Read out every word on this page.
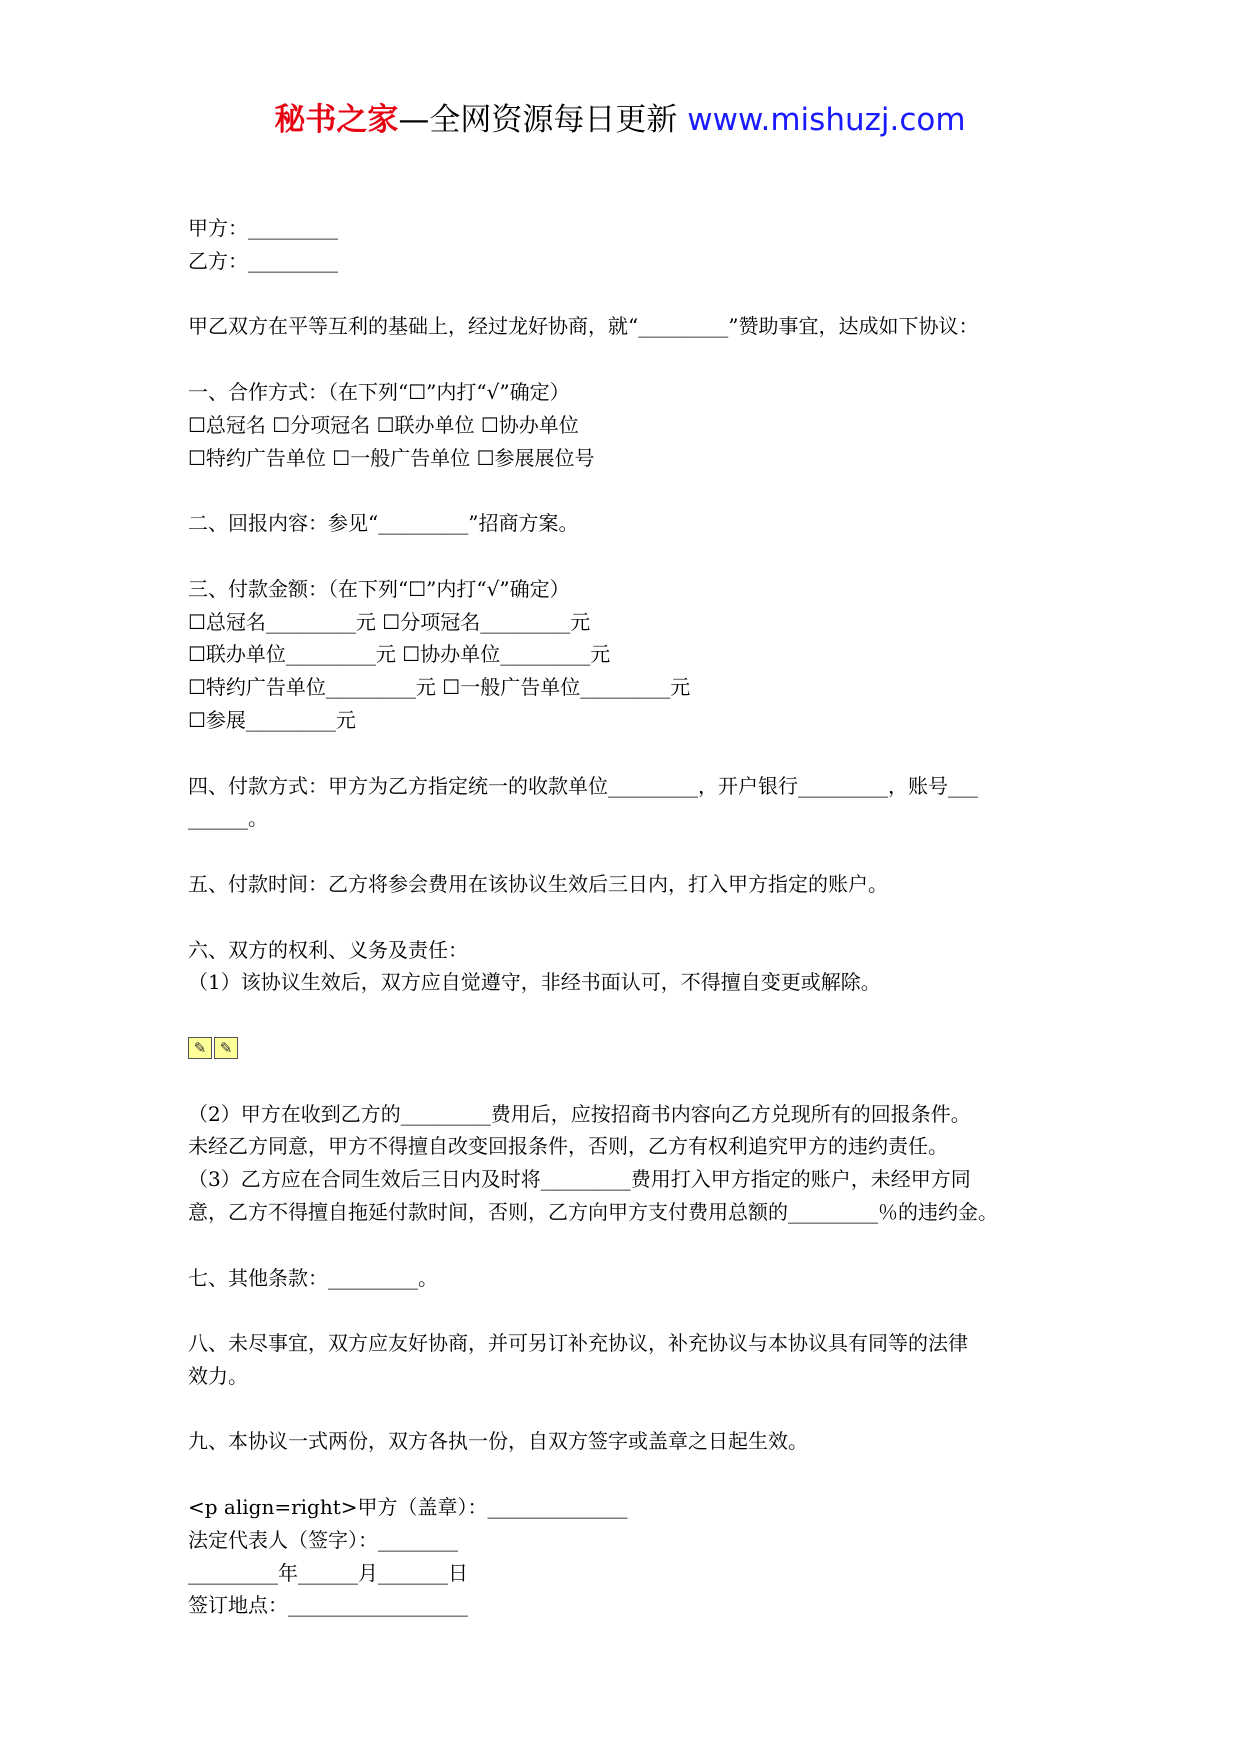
秘书之家—全网资源每日更新 www.mishuzj.com
甲方：_________
乙方：_________
甲乙双方在平等互利的基础上，经过龙好协商，就“_________”赞助事宜，达成如下协议：
一、合作方式：（在下列“☐”内打“√”确定）
☐总冠名 ☐分项冠名 ☐联办单位 ☐协办单位
☐特约广告单位 ☐一般广告单位 ☐参展展位号
二、回报内容：参见“_________”招商方案。
三、付款金额：（在下列“☐”内打“√”确定）
☐总冠名_________元 ☐分项冠名_________元
☐联办单位_________元 ☐协办单位_________元
☐特约广告单位_________元 ☐一般广告单位_________元
☐参展_________元
四、付款方式：甲方为乙方指定统一的收款单位_________，开户银行_________，账号___
______。
五、付款时间：乙方将参会费用在该协议生效后三日内，打入甲方指定的账户。
六、双方的权利、义务及责任：
（1）该协议生效后，双方应自觉遵守，非经书面认可，不得擅自变更或解除。
✎ ✎
（2）甲方在收到乙方的_________费用后，应按招商书内容向乙方兑现所有的回报条件。
未经乙方同意，甲方不得擅自改变回报条件，否则，乙方有权利追究甲方的违约责任。
（3）乙方应在合同生效后三日内及时将_________费用打入甲方指定的账户，未经甲方同
意，乙方不得擅自拖延付款时间，否则，乙方向甲方支付费用总额的_________％的违约金。
七、其他条款：_________。
八、未尽事宜，双方应友好协商，并可另订补充协议，补充协议与本协议具有同等的法律
效力。
九、本协议一式两份，双方各执一份，自双方签字或盖章之日起生效。
<p align=right>甲方（盖章）：______________
法定代表人（签字）：________
_________年______月_______日
签订地点：__________________
